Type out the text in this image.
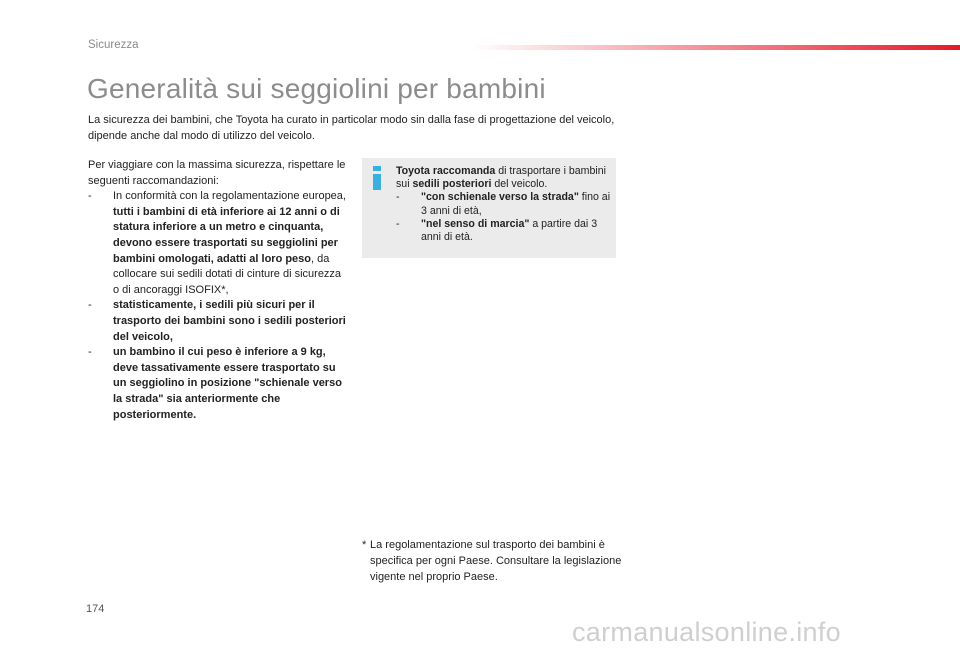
Sicurezza
Generalità sui seggiolini per bambini
La sicurezza dei bambini, che Toyota ha curato in particolar modo sin dalla fase di progettazione del veicolo, dipende anche dal modo di utilizzo del veicolo.

Per viaggiare con la massima sicurezza, rispettare le seguenti raccomandazioni:

-	In conformità con la regolamentazione europea, tutti i bambini di età inferiore ai 12 anni o di statura inferiore a un metro e cinquanta, devono essere trasportati su seggiolini per bambini omologati, adatti al loro peso, da collocare sui sedili dotati di cinture di sicurezza o di ancoraggi ISOFIX*,
-	statisticamente, i sedili più sicuri per il trasporto dei bambini sono i sedili posteriori del veicolo,
-	un bambino il cui peso è inferiore a 9 kg, deve tassativamente essere trasportato su un seggiolino in posizione "schienale verso la strada" sia anteriormente che posteriormente.

Toyota raccomanda di trasportare i bambini sui sedili posteriori del veicolo.

-	"con schienale verso la strada" fino ai 3 anni di età,
-	"nel senso di marcia" a partire dai 3 anni di età.
* La regolamentazione sul trasporto dei bambini è specifica per ogni Paese. Consultare la legislazione vigente nel proprio Paese.
174
carmanualsonline.info
